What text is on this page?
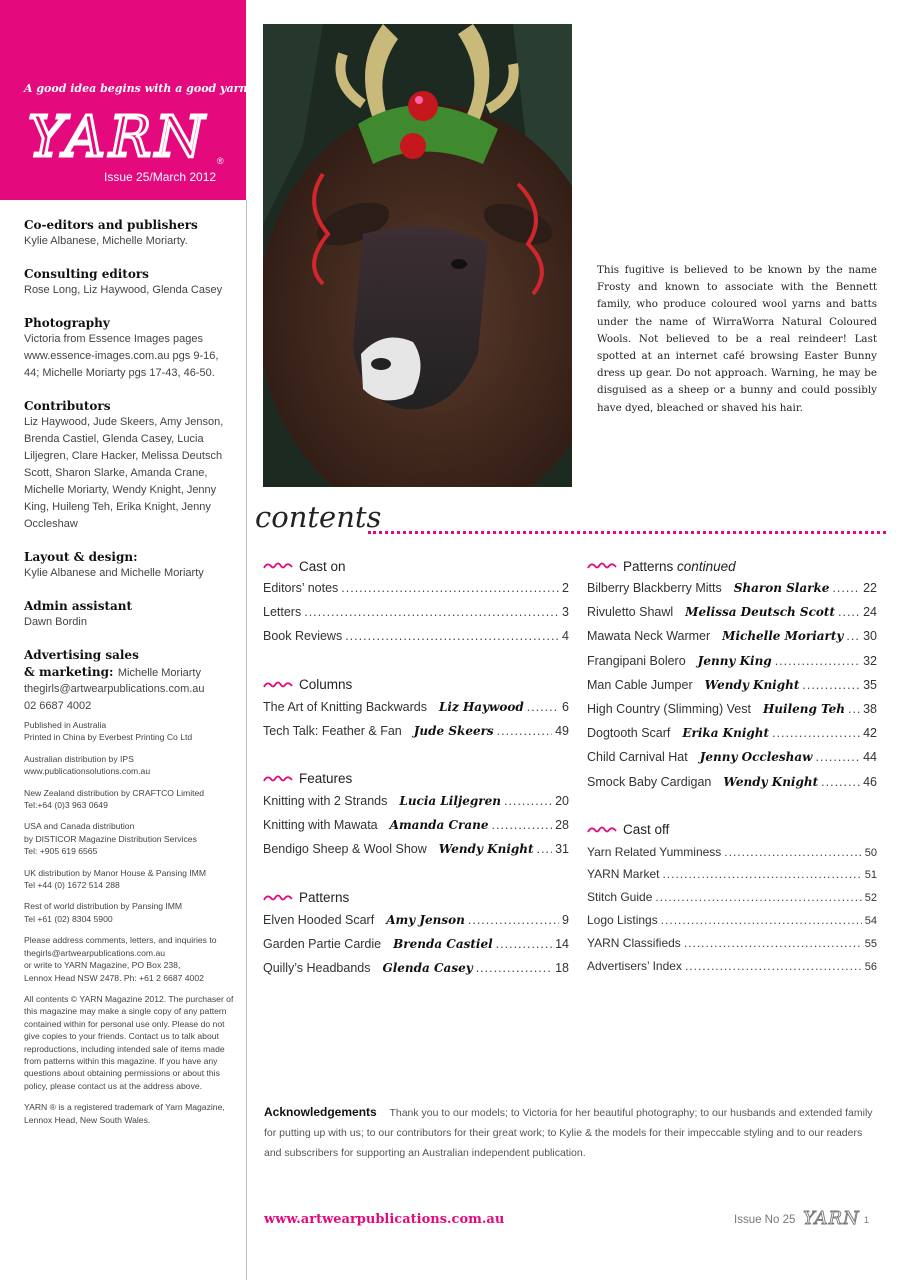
A good idea begins with a good yarn
YARN ®
Issue 25/March 2012
Co-editors and publishers
Kylie Albanese, Michelle Moriarty.
Consulting editors
Rose Long, Liz Haywood, Glenda Casey
Photography
Victoria from Essence Images pages www.essence-images.com.au pgs 9-16, 44; Michelle Moriarty pgs 17-43, 46-50.
Contributors
Liz Haywood, Jude Skeers, Amy Jenson, Brenda Castiel, Glenda Casey, Lucia Liljegren, Clare Hacker, Melissa Deutsch Scott, Sharon Slarke, Amanda Crane, Michelle Moriarty, Wendy Knight, Jenny King, Huileng Teh, Erika Knight, Jenny Occleshaw
Layout & design:
Kylie Albanese and Michelle Moriarty
Admin assistant
Dawn Bordin
Advertising sales
& marketing: Michelle Moriarty
thegirls@artwearpublications.com.au
02 6687 4002
Published in Australia
Printed in China by Everbest Printing Co Ltd
Australian distribution by IPS
www.publicationsolutions.com.au
New Zealand distribution by CRAFTCO Limited
Tel:+64 (0)3 963 0649
USA and Canada distribution
by DISTICOR Magazine Distribution Services
Tel: +905 619 6565
UK distribution by Manor House & Pansing IMM
Tel +44 (0) 1672 514 288
Rest of world distribution by Pansing IMM
Tel +61 (02) 8304 5900
Please address comments, letters, and inquiries to
thegirls@artwearpublications.com.au
or write to YARN Magazine, PO Box 238,
Lennox Head NSW 2478. Ph: +61 2 6687 4002
All contents © YARN Magazine 2012. The purchaser of this magazine may make a single copy of any pattern contained within for personal use only. Please do not give copies to your friends. Contact us to talk about reproductions, including intended sale of items made from patterns within this magazine. If you have any questions about obtaining permissions or about this policy, please contact us at the address above.
YARN ® is a registered trademark of Yarn Magazine, Lennox Head, New South Wales.
This fugitive is believed to be known by the name Frosty and known to associate with the Bennett family, who produce coloured wool yarns and batts under the name of WirraWorra Natural Coloured Wools. Not believed to be a real reindeer! Last spotted at an internet café browsing Easter Bunny dress up gear. Do not approach. Warning, he may be disguised as a sheep or a bunny and could possibly have dyed, bleached or shaved his hair.
contents
Cast on
Editors’ notes .....	2
Letters .....	3
Book Reviews .....	4
Columns
The Art of Knitting Backwards Liz Haywood .....	6
Tech Talk: Feather & Fan Jude Skeers .....	49
Features
Knitting with 2 Strands Lucia Liljegren .....	20
Knitting with Mawata Amanda Crane .....	28
Bendigo Sheep & Wool Show Wendy Knight ..... 31
Patterns
Elven Hooded Scarf Amy Jenson .....	9
Garden Partie Cardie Brenda Castiel .....	14
Quilly’s Headbands Glenda Casey .....	18
Patterns continued
Bilberry Blackberry Mitts Sharon Slarke .....	22
Rivuletto Shawl Melissa Deutsch Scott ..... 24
Mawata Neck Warmer Michelle Moriarty ..... 30
Frangipani Bolero Jenny King .....	32
Man Cable Jumper Wendy Knight .....	35
High Country (Slimming) Vest Huileng Teh ..... 38
Dogtooth Scarf Erika Knight .....	42
Child Carnival Hat Jenny Occleshaw .....	44
Smock Baby Cardigan Wendy Knight .....	46
Cast off
Yarn Related Yumminess .....	50
YARN Market .....	51
Stitch Guide .....	52
Logo Listings .....	54
YARN Classifieds .....	55
Advertisers’ Index .....	56
Acknowledgements Thank you to our models; to Victoria for her beautiful photography; to our husbands and extended family for putting up with us; to our contributors for their great work; to Kylie & the models for their impeccable styling and to our readers and subscribers for supporting an Australian independent publication.
www.artwearpublications.com.au	Issue No 25 YARN 1
